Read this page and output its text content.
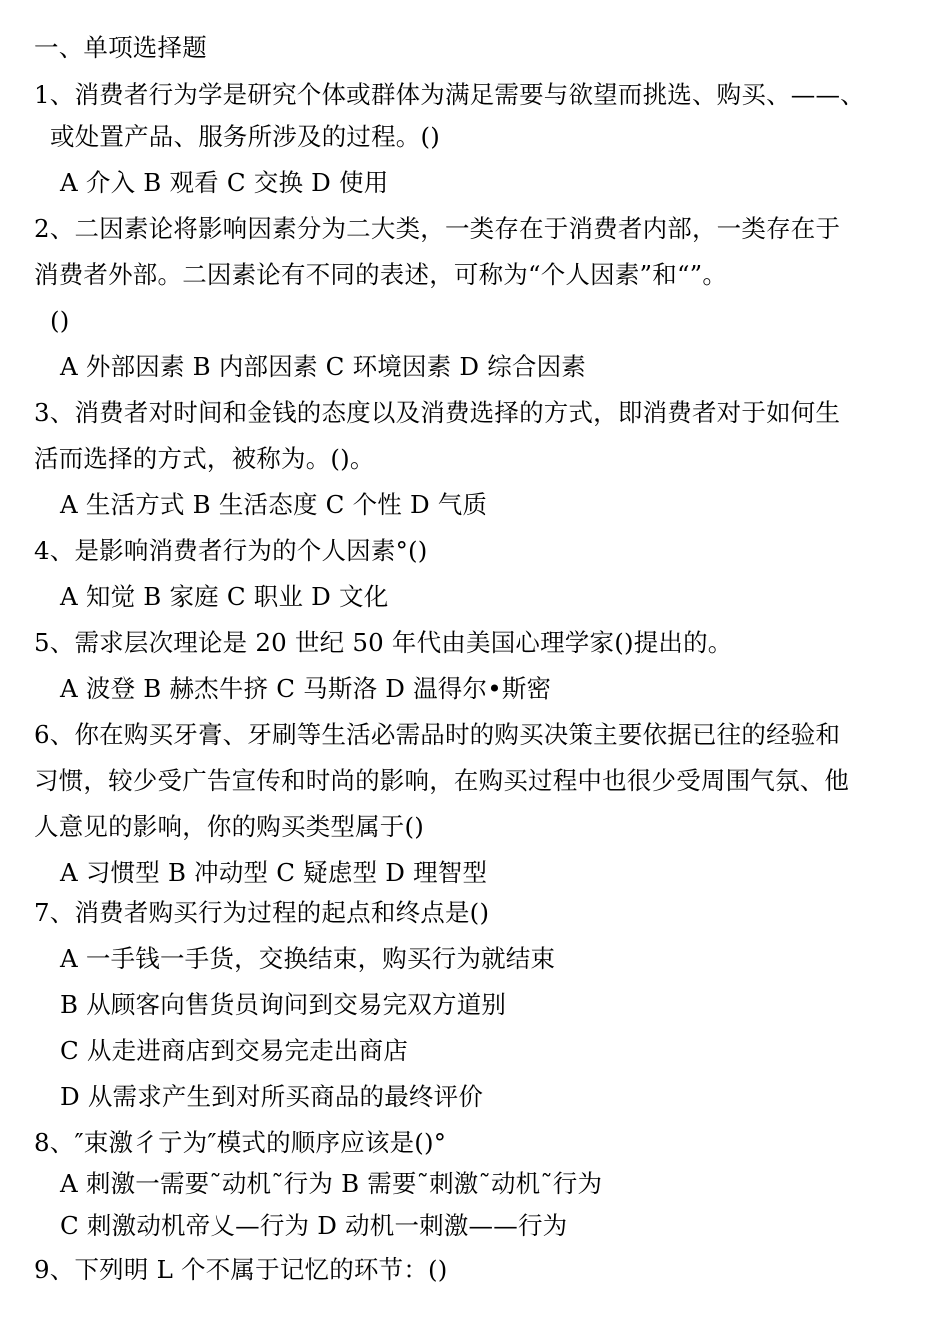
一、单项选择题
1、消费者行为学是研究个体或群体为满足需要与欲望而挑选、购买、——、
或处置产品、服务所涉及的过程。()
A 介入 B 观看 C 交换 D 使用
2、二因素论将影响因素分为二大类，一类存在于消费者内部，一类存在于
消费者外部。二因素论有不同的表述，可称为“个人因素”和“”。
()
A 外部因素 B 内部因素 C 环境因素 D 综合因素
3、消费者对时间和金钱的态度以及消费选择的方式，即消费者对于如何生
活而选择的方式，被称为。()。
A 生活方式 B 生活态度 C 个性 D 气质
4、是影响消费者行为的个人因素°()
A 知觉 B 家庭 C 职业 D 文化
5、需求层次理论是 20 世纪 50 年代由美国心理学家()提出的。
A 波登 B 赫杰牛挤 C 马斯洛 D 温得尔•斯密
6、你在购买牙膏、牙刷等生活必需品时的购买决策主要依据已往的经验和
习惯，较少受广告宣传和时尚的影响，在购买过程中也很少受周围气氛、他
人意见的影响，你的购买类型属于()
A 习惯型 B 冲动型 C 疑虑型 D 理智型
7、消费者购买行为过程的起点和终点是()
A 一手钱一手货，交换结束，购买行为就结束
B 从顾客向售货员询问到交易完双方道别
C 从走进商店到交易完走出商店
D 从需求产生到对所买商品的最终评价
8、″束激彳亍为″模式的顺序应该是()°
A 刺激一需要˜动机˜行为 B 需要˜刺激˜动机˜行为
C 刺激动机帝乂—行为 D 动机一刺激——行为
9、下列明 L 个不属于记忆的环节：()
